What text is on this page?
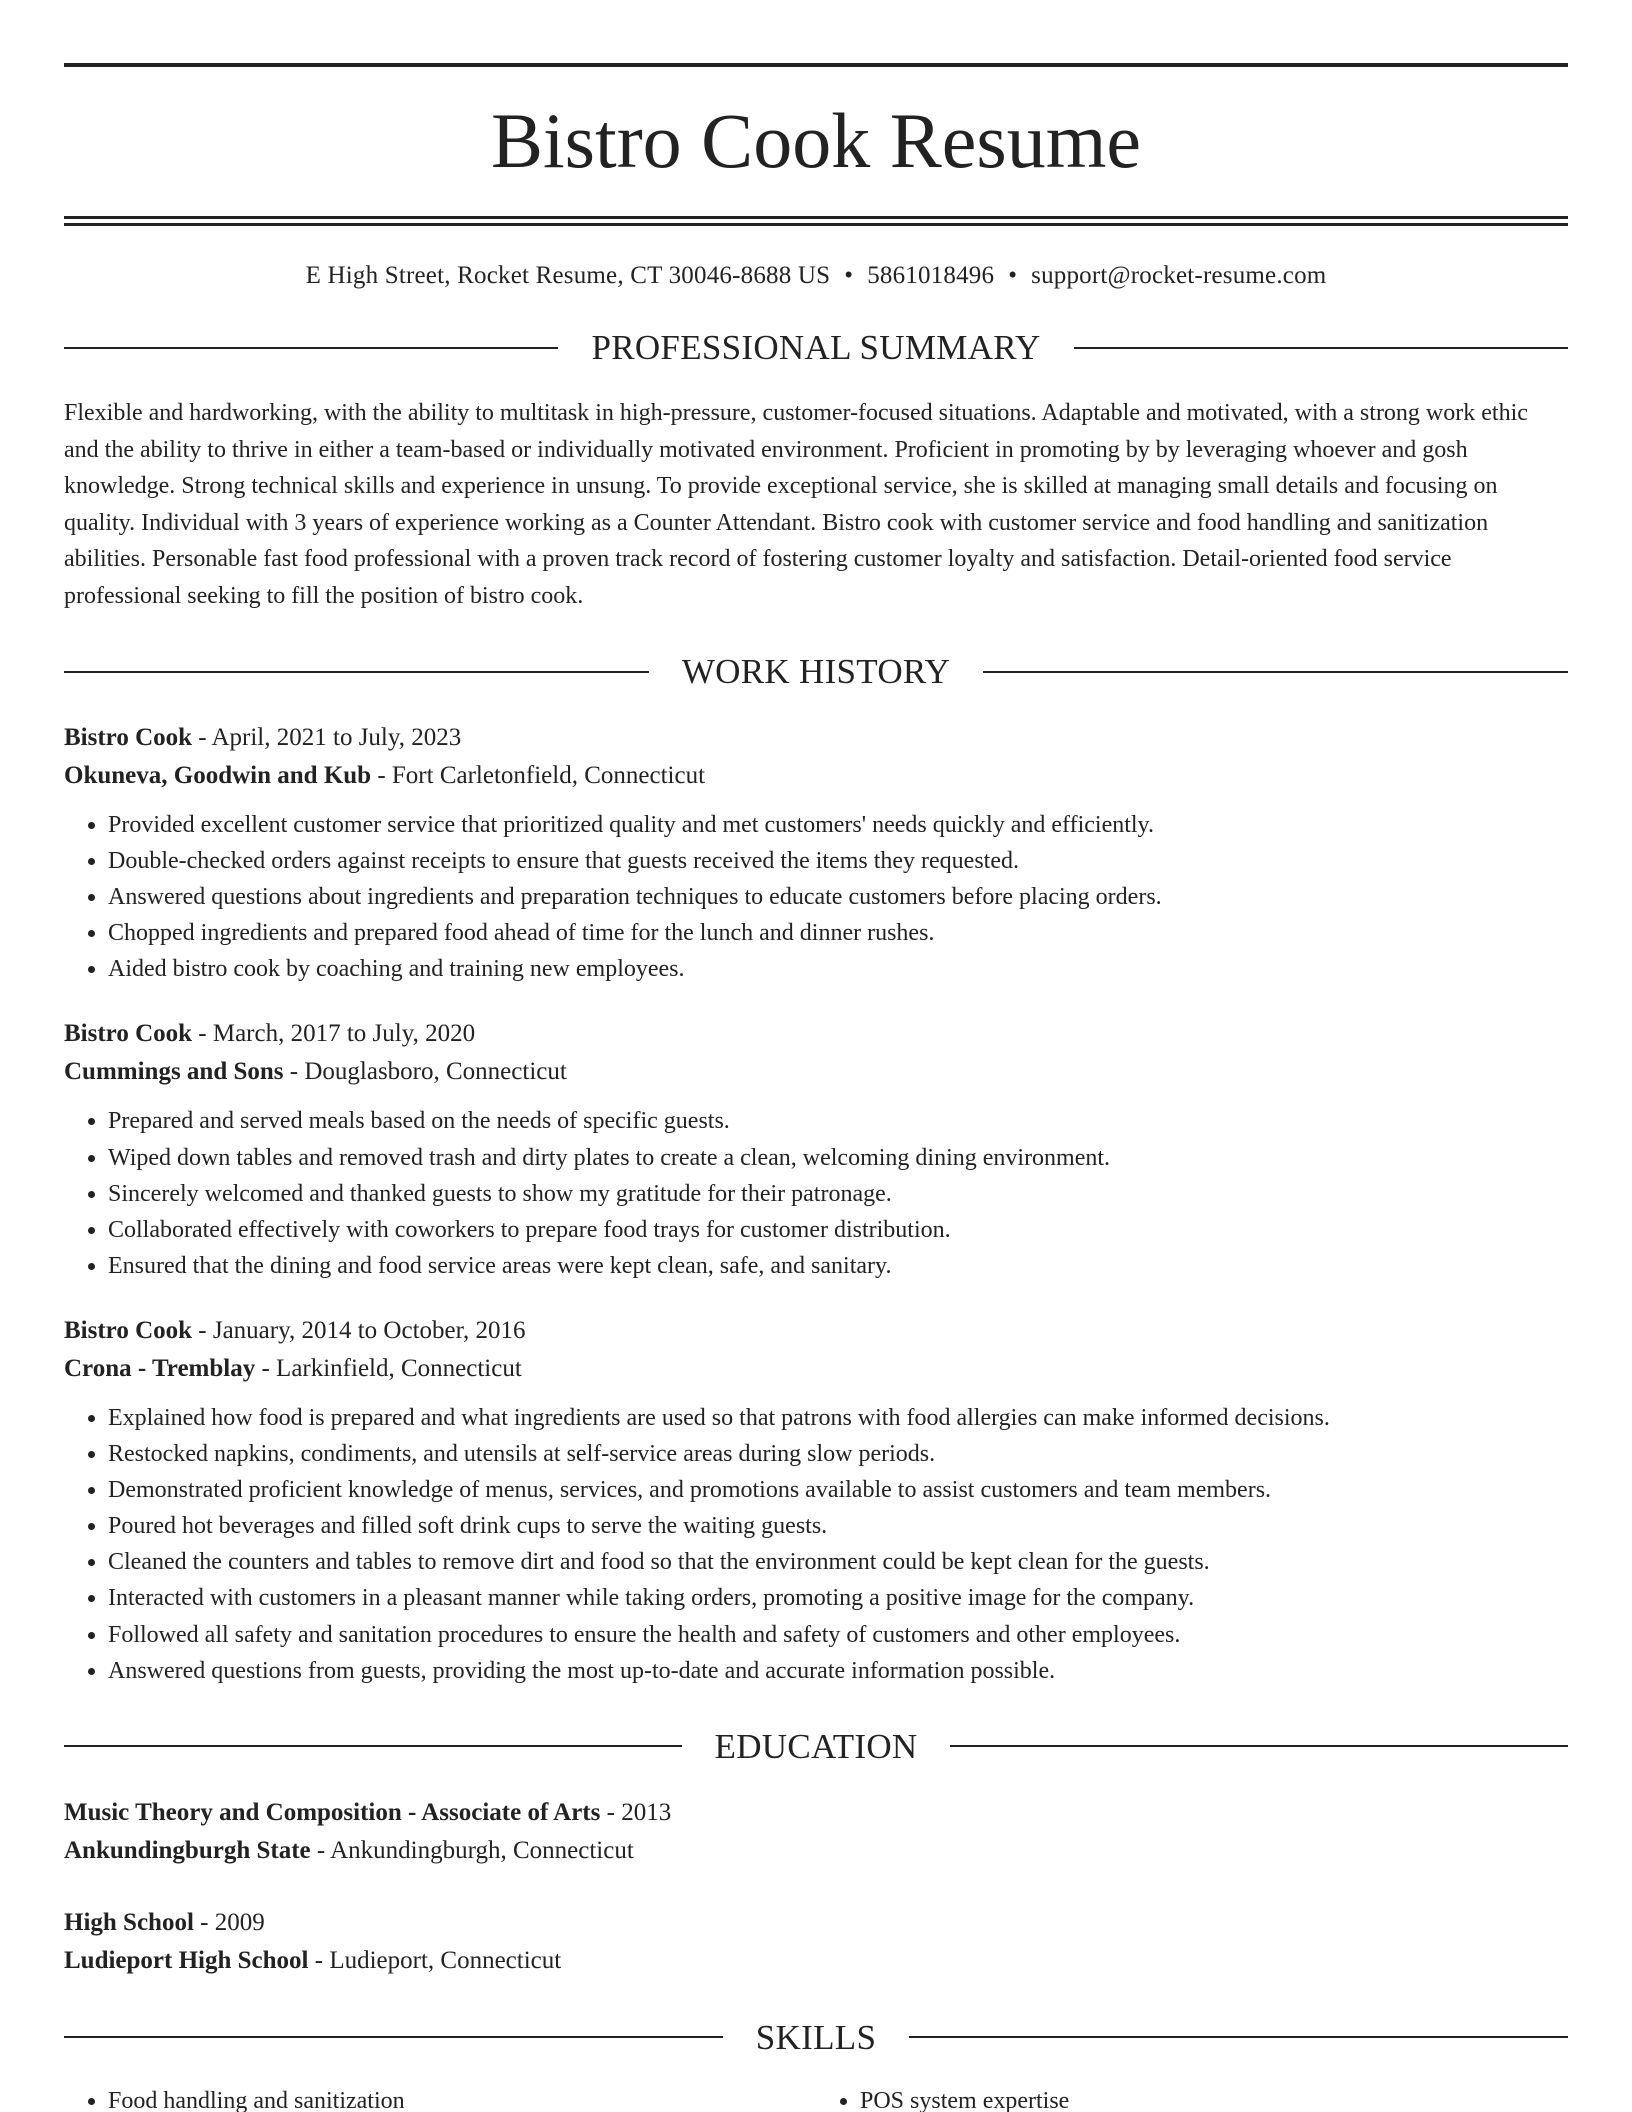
Bistro Cook Resume
E High Street, Rocket Resume, CT 30046-8688 US • 5861018496 • support@rocket-resume.com
PROFESSIONAL SUMMARY
Flexible and hardworking, with the ability to multitask in high-pressure, customer-focused situations. Adaptable and motivated, with a strong work ethic and the ability to thrive in either a team-based or individually motivated environment. Proficient in promoting by by leveraging whoever and gosh knowledge. Strong technical skills and experience in unsung. To provide exceptional service, she is skilled at managing small details and focusing on quality. Individual with 3 years of experience working as a Counter Attendant. Bistro cook with customer service and food handling and sanitization abilities. Personable fast food professional with a proven track record of fostering customer loyalty and satisfaction. Detail-oriented food service professional seeking to fill the position of bistro cook.
WORK HISTORY
Bistro Cook - April, 2021 to July, 2023
Okuneva, Goodwin and Kub - Fort Carletonfield, Connecticut
• Provided excellent customer service that prioritized quality and met customers' needs quickly and efficiently.
• Double-checked orders against receipts to ensure that guests received the items they requested.
• Answered questions about ingredients and preparation techniques to educate customers before placing orders.
• Chopped ingredients and prepared food ahead of time for the lunch and dinner rushes.
• Aided bistro cook by coaching and training new employees.
Bistro Cook - March, 2017 to July, 2020
Cummings and Sons - Douglasboro, Connecticut
• Prepared and served meals based on the needs of specific guests.
• Wiped down tables and removed trash and dirty plates to create a clean, welcoming dining environment.
• Sincerely welcomed and thanked guests to show my gratitude for their patronage.
• Collaborated effectively with coworkers to prepare food trays for customer distribution.
• Ensured that the dining and food service areas were kept clean, safe, and sanitary.
Bistro Cook - January, 2014 to October, 2016
Crona - Tremblay - Larkinfield, Connecticut
• Explained how food is prepared and what ingredients are used so that patrons with food allergies can make informed decisions.
• Restocked napkins, condiments, and utensils at self-service areas during slow periods.
• Demonstrated proficient knowledge of menus, services, and promotions available to assist customers and team members.
• Poured hot beverages and filled soft drink cups to serve the waiting guests.
• Cleaned the counters and tables to remove dirt and food so that the environment could be kept clean for the guests.
• Interacted with customers in a pleasant manner while taking orders, promoting a positive image for the company.
• Followed all safety and sanitation procedures to ensure the health and safety of customers and other employees.
• Answered questions from guests, providing the most up-to-date and accurate information possible.
EDUCATION
Music Theory and Composition - Associate of Arts - 2013
Ankundingburgh State - Ankundingburgh, Connecticut
High School - 2009
Ludieport High School - Ludieport, Connecticut
SKILLS
• Food handling and sanitization
•	POS system expertise
